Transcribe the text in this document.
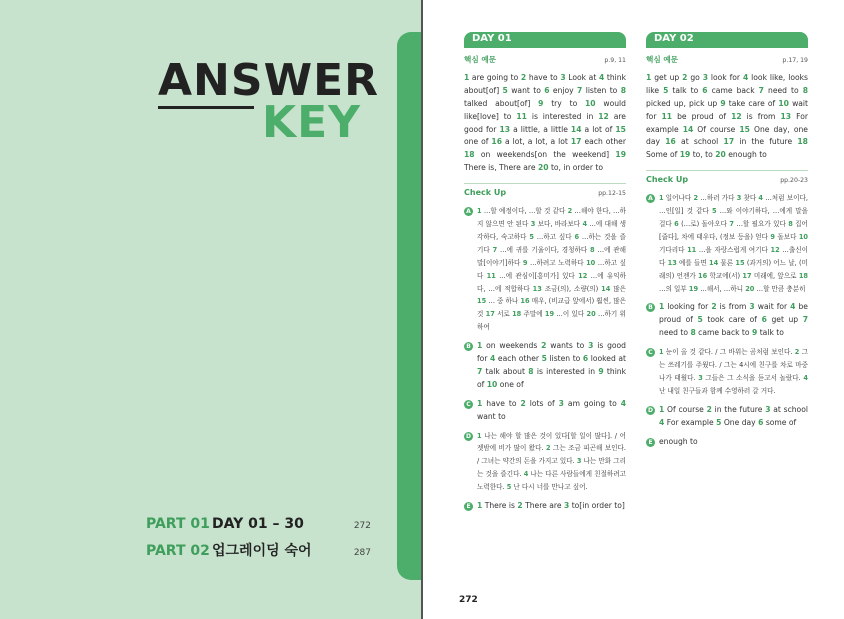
ANSWER
KEY
PART 01 DAY 01 – 30	272
PART 02 업그레이딩 숙어	287
DAY 01
핵심 예문	p.9, 11
1 are going to 2 have to 3 Look at 4 think about[of] 5 want to 6 enjoy 7 listen to 8 talked about[of] 9 try to 10 would like[love] to 11 is interested in 12 are good for 13 a little, a little 14 a lot of 15 one of 16 a lot, a lot, a lot 17 each other 18 on weekends[on the weekend] 19 There is, There are 20 to, in order to
Check Up	pp.12-15
A 1 …할 예정이다, …할 것 같다 2 …해야 한다, …하지 않으면 안 된다 3 보다, 바라보다 4 …에 대해 생각하다, 숙고하다 5 …하고 싶다 6 …하는 것을 즐기다 7 …에 귀를 기울이다, 경청하다 8 …에 관해 말[이야기]하다 9 …하려고 노력하다 10 …하고 싶다 11 …에 관심이[흥미가] 있다 12 …에 유익하다, …에 적합하다 13 조금(의), 소량(의) 14 많은 15 … 중 하나 16 매우, (비교급 앞에서) 훨씬, 많은 것 17 서로 18 주말에 19 …이 있다 20 …하기 위하여
B 1 on weekends 2 wants to 3 is good for 4 each other 5 listen to 6 looked at 7 talk about 8 is interested in 9 think of 10 one of
C 1 have to 2 lots of 3 am going to 4 want to
D 1 나는 해야 할 많은 것이 있다[할 일이 많다]. / 어젯밤에 비가 많이 왔다. 2 그는 조금 피곤해 보인다. / 그녀는 약간의 돈을 가지고 있다. 3 나는 만화 그리는 것을 즐긴다. 4 나는 다른 사람들에게 친절하려고 노력한다. 5 난 다시 너를 만나고 싶어.
E 1 There is 2 There are 3 to[in order to]
DAY 02
핵심 예문	p.17, 19
1 get up 2 go 3 look for 4 look like, looks like 5 talk to 6 came back 7 need to 8 picked up, pick up 9 take care of 10 wait for 11 be proud of 12 is from 13 For example 14 Of course 15 One day, one day 16 at school 17 in the future 18 Some of 19 to, to 20 enough to
Check Up	pp.20-23
A 1 일어나다 2 …하러 가다 3 찾다 4 …처럼 보이다, …인[일] 것 같다 5 …와 이야기하다, …에게 말을 걸다 6 (…로) 돌아오다 7 …할 필요가 있다 8 집어[줍다], 차에 태우다, (정보 등을) 얻다 9 돌보다 10 기다리다 11 …을 자랑스럽게 여기다 12 …출신이다 13 예를 들면 14 물론 15 (과거의) 어느 날, (미래의) 언젠가 16 학교에(서) 17 미래에, 앞으로 18 …의 일부 19 …해서, …하니 20 …할 만큼 충분히
B 1 looking for 2 is from 3 wait for 4 be proud of 5 took care of 6 get up 7 need to 8 came back to 9 talk to
C 1 눈이 올 것 같다. / 그 바위는 곰처럼 보인다. 2 그는 쓰레기를 주웠다. / 그는 4시에 친구를 차로 마중 나가 태웠다. 3 그들은 그 소식을 듣고서 놀랐다. 4 난 내일 친구들과 함께 수영하러 갈 거다.
D 1 Of course 2 in the future 3 at school 4 For example 5 One day 6 some of
E enough to
272
